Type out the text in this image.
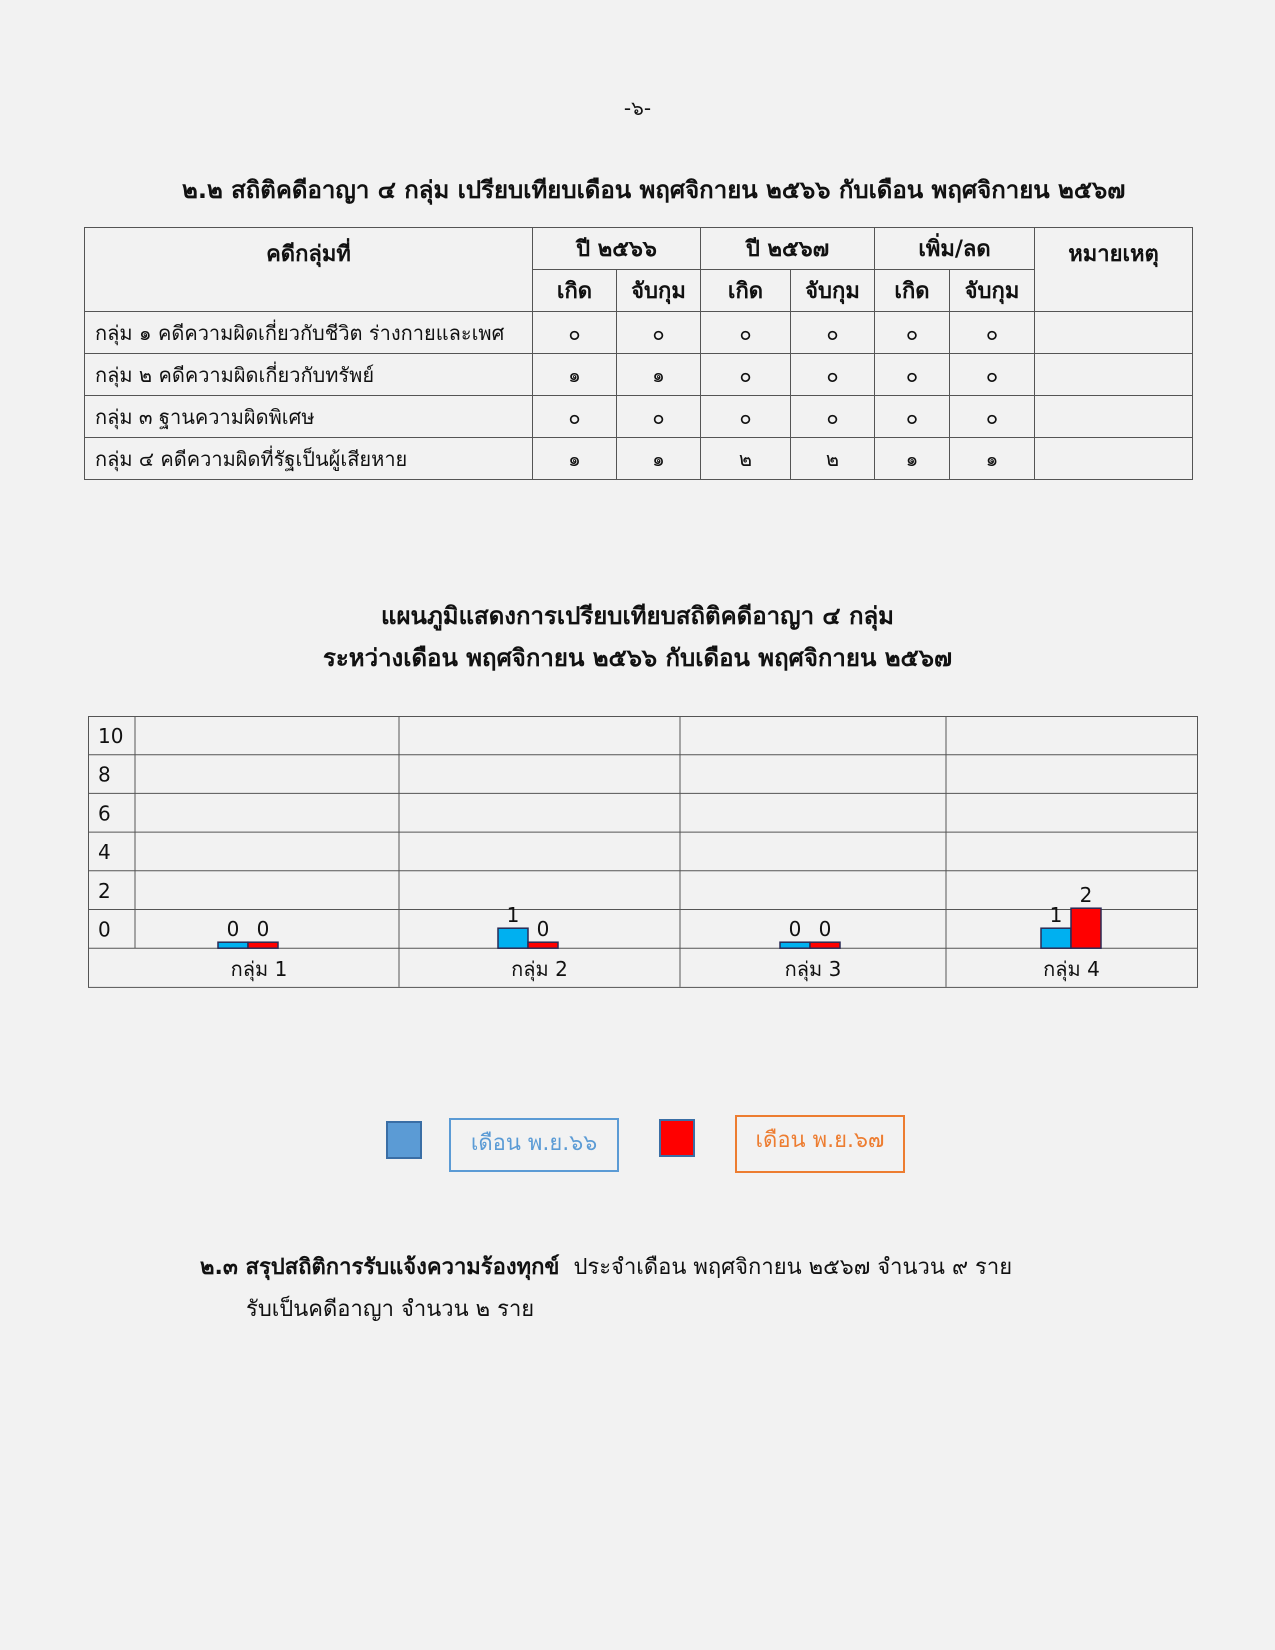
-๖-
๒.๒ สถิติคดีอาญา ๔ กลุ่ม เปรียบเทียบเดือน พฤศจิกายน ๒๕๖๖ กับเดือน พฤศจิกายน ๒๕๖๗
คดีกลุ่มที่	ปี ๒๕๖๖		ปี ๒๕๖๗		เพิ่ม/ลด		หมายเหตุ
	เกิด	จับกุม	เกิด	จับกุม	เกิด	จับกุม	
กลุ่ม ๑ คดีความผิดเกี่ยวกับชีวิต ร่างกายและเพศ	๐	๐	๐	๐	๐	๐	
กลุ่ม ๒ คดีความผิดเกี่ยวกับทรัพย์	๑	๑	๐	๐	๐	๐	
กลุ่ม ๓ ฐานความผิดพิเศษ	๐	๐	๐	๐	๐	๐	
กลุ่ม ๔ คดีความผิดที่รัฐเป็นผู้เสียหาย	๑	๑	๒	๒	๑	๑	
แผนภูมิแสดงการเปรียบเทียบสถิติคดีอาญา ๔ กลุ่ม
ระหว่างเดือน พฤศจิกายน ๒๕๖๖ กับเดือน พฤศจิกายน ๒๕๖๗
10
8
6
4
2
0
กลุ่ม 1	กลุ่ม 2	กลุ่ม 3	กลุ่ม 4
0 0
1
0	0 0
1
2
เดือน พ.ย.๖๖	เดือน พ.ย.๖๗
๒.๓ สรุปสถิติการรับแจ้งความร้องทุกข์ ประจำเดือน พฤศจิกายน ๒๕๖๗ จำนวน ๙ ราย
รับเป็นคดีอาญา จำนวน ๒ ราย
